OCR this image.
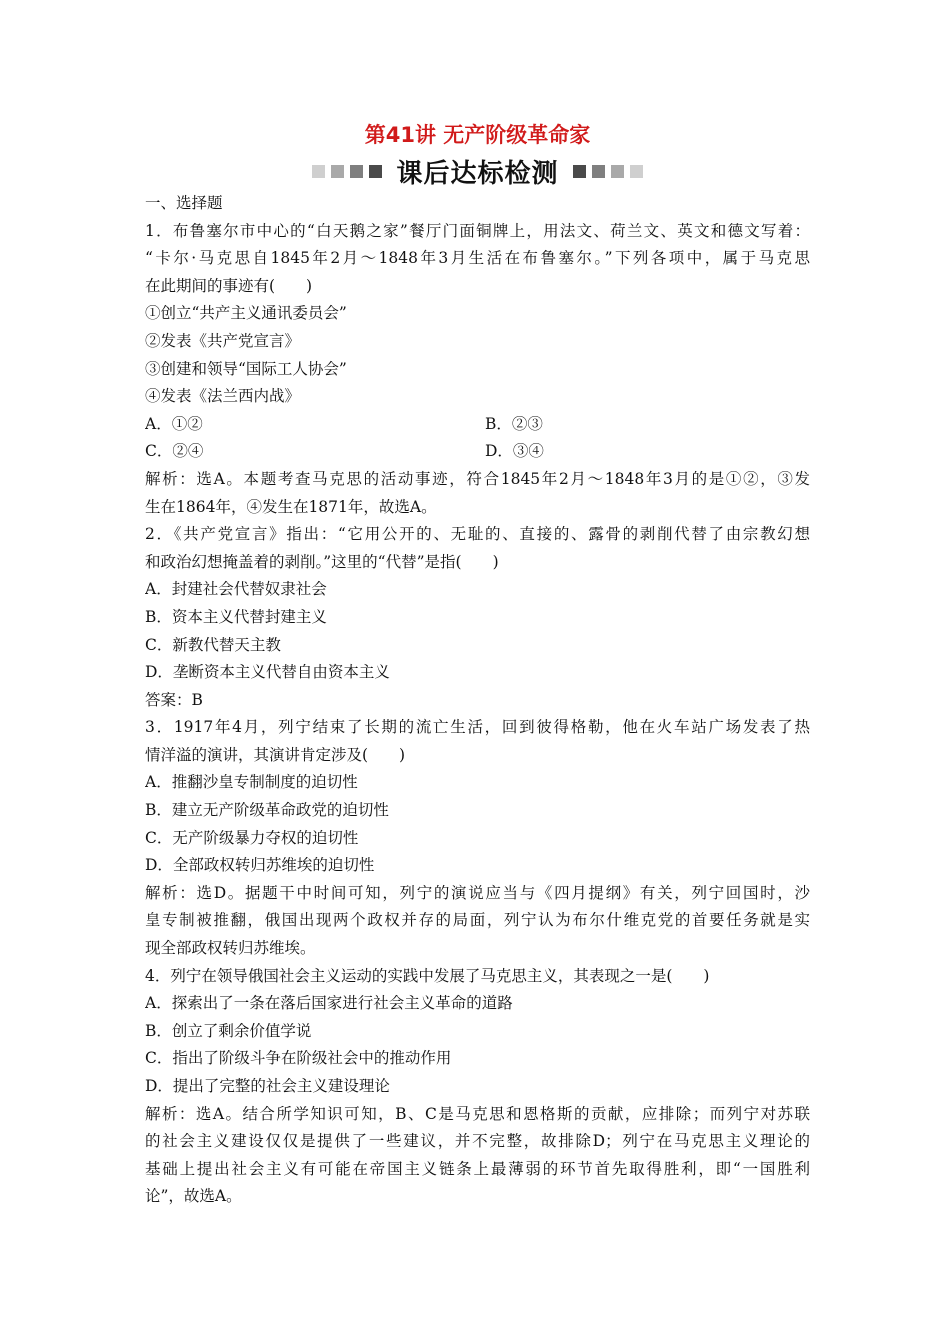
第41讲 无产阶级革命家
课后达标检测
一、选择题
1．布鲁塞尔市中心的“白天鹅之家”餐厅门面铜牌上，用法文、荷兰文、英文和德文写着：
“卡尔·马克思自1845年2月～1848年3月生活在布鲁塞尔。”下列各项中，属于马克思
在此期间的事迹有(　　)
①创立“共产主义通讯委员会”
②发表《共产党宣言》
③创建和领导“国际工人协会”
④发表《法兰西内战》
A．①②	B．②③
C．②④	D．③④
解析：选A。本题考查马克思的活动事迹，符合1845年2月～1848年3月的是①②，③发
生在1864年，④发生在1871年，故选A。
2．《共产党宣言》指出：“它用公开的、无耻的、直接的、露骨的剥削代替了由宗教幻想
和政治幻想掩盖着的剥削。”这里的“代替”是指(　　)
A．封建社会代替奴隶社会
B．资本主义代替封建主义
C．新教代替天主教
D．垄断资本主义代替自由资本主义
答案：B
3．1917年4月，列宁结束了长期的流亡生活，回到彼得格勒，他在火车站广场发表了热
情洋溢的演讲，其演讲肯定涉及(　　)
A．推翻沙皇专制制度的迫切性
B．建立无产阶级革命政党的迫切性
C．无产阶级暴力夺权的迫切性
D．全部政权转归苏维埃的迫切性
解析：选D。据题干中时间可知，列宁的演说应当与《四月提纲》有关，列宁回国时，沙
皇专制被推翻，俄国出现两个政权并存的局面，列宁认为布尔什维克党的首要任务就是实
现全部政权转归苏维埃。
4．列宁在领导俄国社会主义运动的实践中发展了马克思主义，其表现之一是(　　)
A．探索出了一条在落后国家进行社会主义革命的道路
B．创立了剩余价值学说
C．指出了阶级斗争在阶级社会中的推动作用
D．提出了完整的社会主义建设理论
解析：选A。结合所学知识可知，B、C是马克思和恩格斯的贡献，应排除；而列宁对苏联
的社会主义建设仅仅是提供了一些建议，并不完整，故排除D；列宁在马克思主义理论的
基础上提出社会主义有可能在帝国主义链条上最薄弱的环节首先取得胜利，即“一国胜利
论”，故选A。
